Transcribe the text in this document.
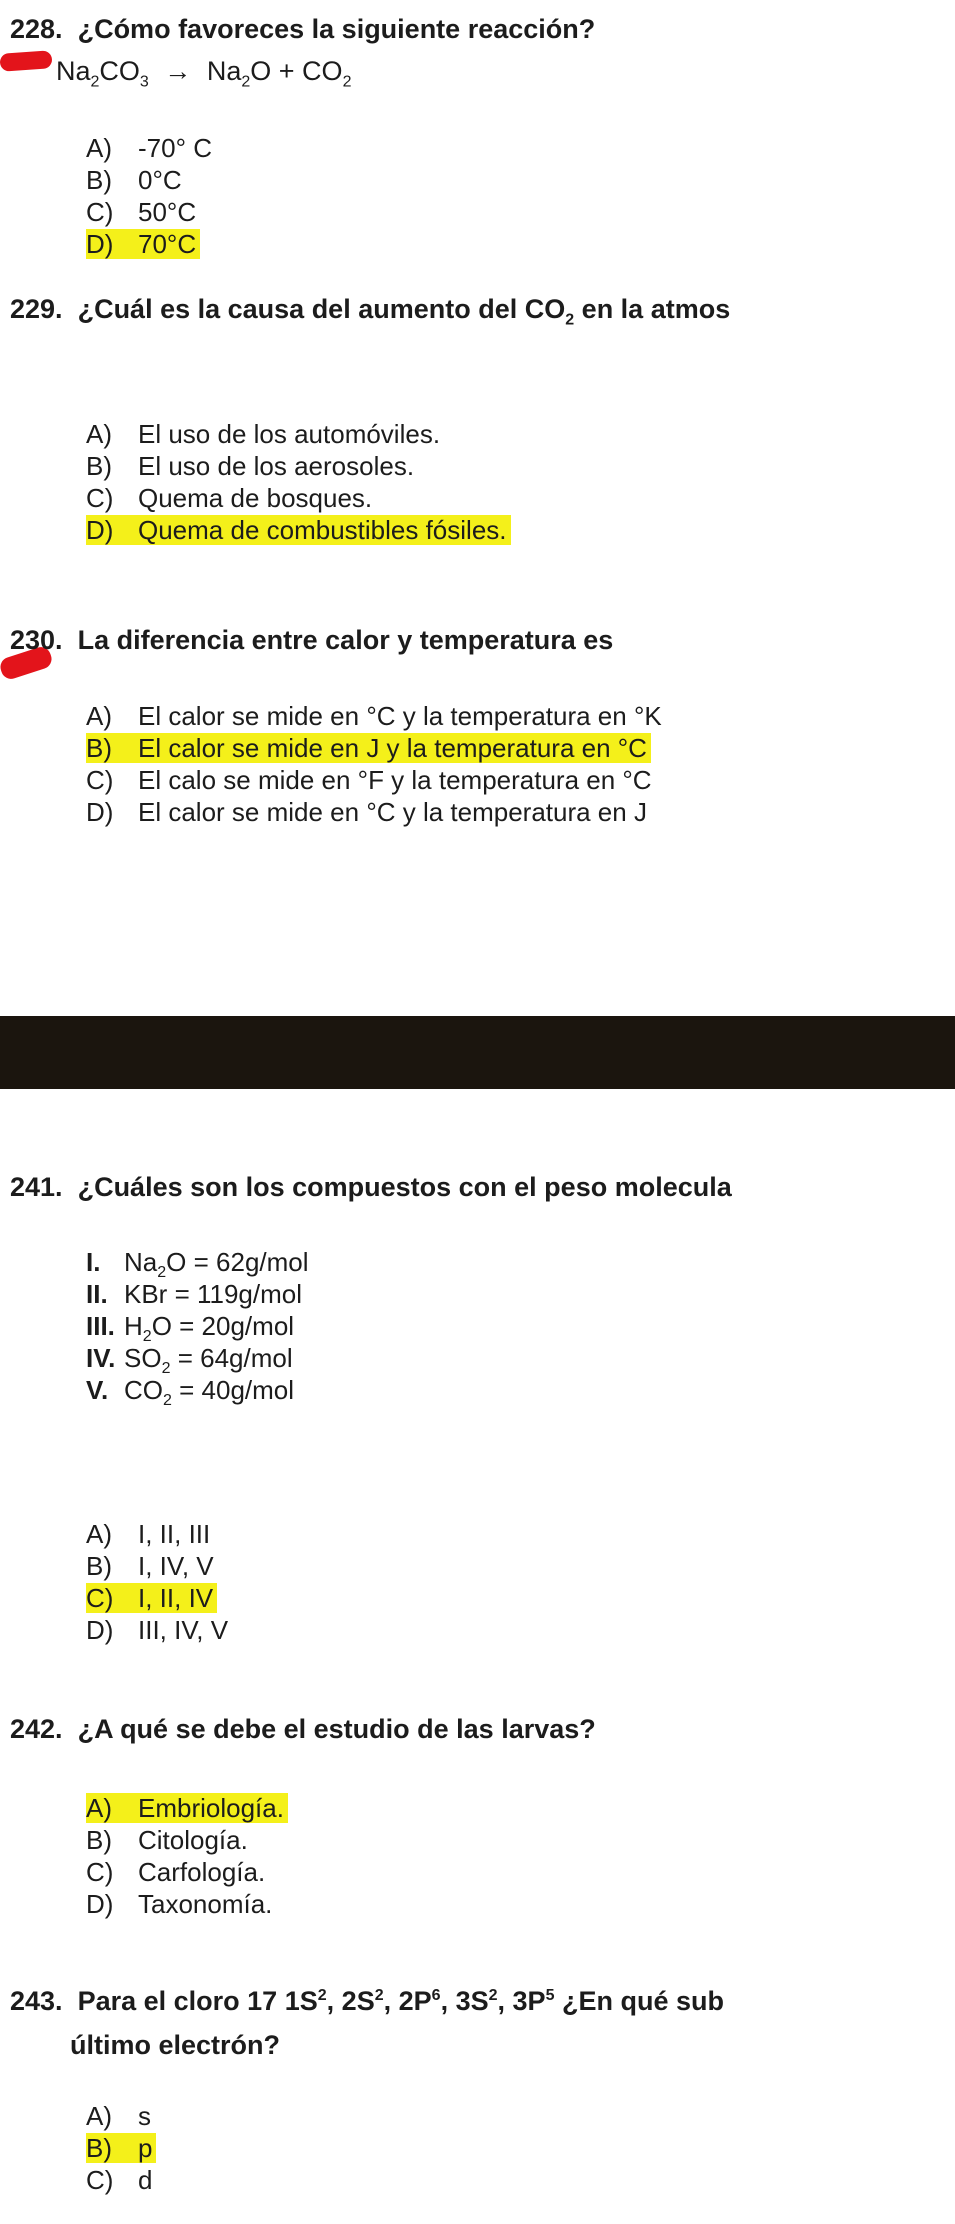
228. ¿Cómo favoreces la siguiente reacción?
$Na_2CO_3 \to Na_2O + CO_2$
A) -70° C
B) 0°C
C) 50°C
D) 70°C
229. ¿Cuál es la causa del aumento del $CO_2$ en la atmos
A) El uso de los automóviles.
B) El uso de los aerosoles.
C) Quema de bosques.
D) Quema de combustibles fósiles.
230. La diferencia entre calor y temperatura es
A) El calor se mide en °C y la temperatura en °K
B) El calor se mide en J y la temperatura en °C
C) El calo se mide en °F y la temperatura en °C
D) El calor se mide en °C y la temperatura en J
241. ¿Cuáles son los compuestos con el peso molecula
I. $Na_2O = 62g/mol$
II. KBr = 119g/mol
III. $H_2O = 20g/mol$
IV. $SO_2 = 64g/mol$
V. $CO_2 = 40g/mol$
A) I, II, III
B) I, IV, V
C) I, II, IV
D) III, IV, V
242. ¿A qué se debe el estudio de las larvas?
A) Embriología.
B) Citología.
C) Carfología.
D) Taxonomía.
243. Para el cloro 17 $1S^2$, $2S^2$, $2P^6$, $3S^2$, $3P^5$ ¿En qué sub
último electrón?
A) s
B) p
C) d
